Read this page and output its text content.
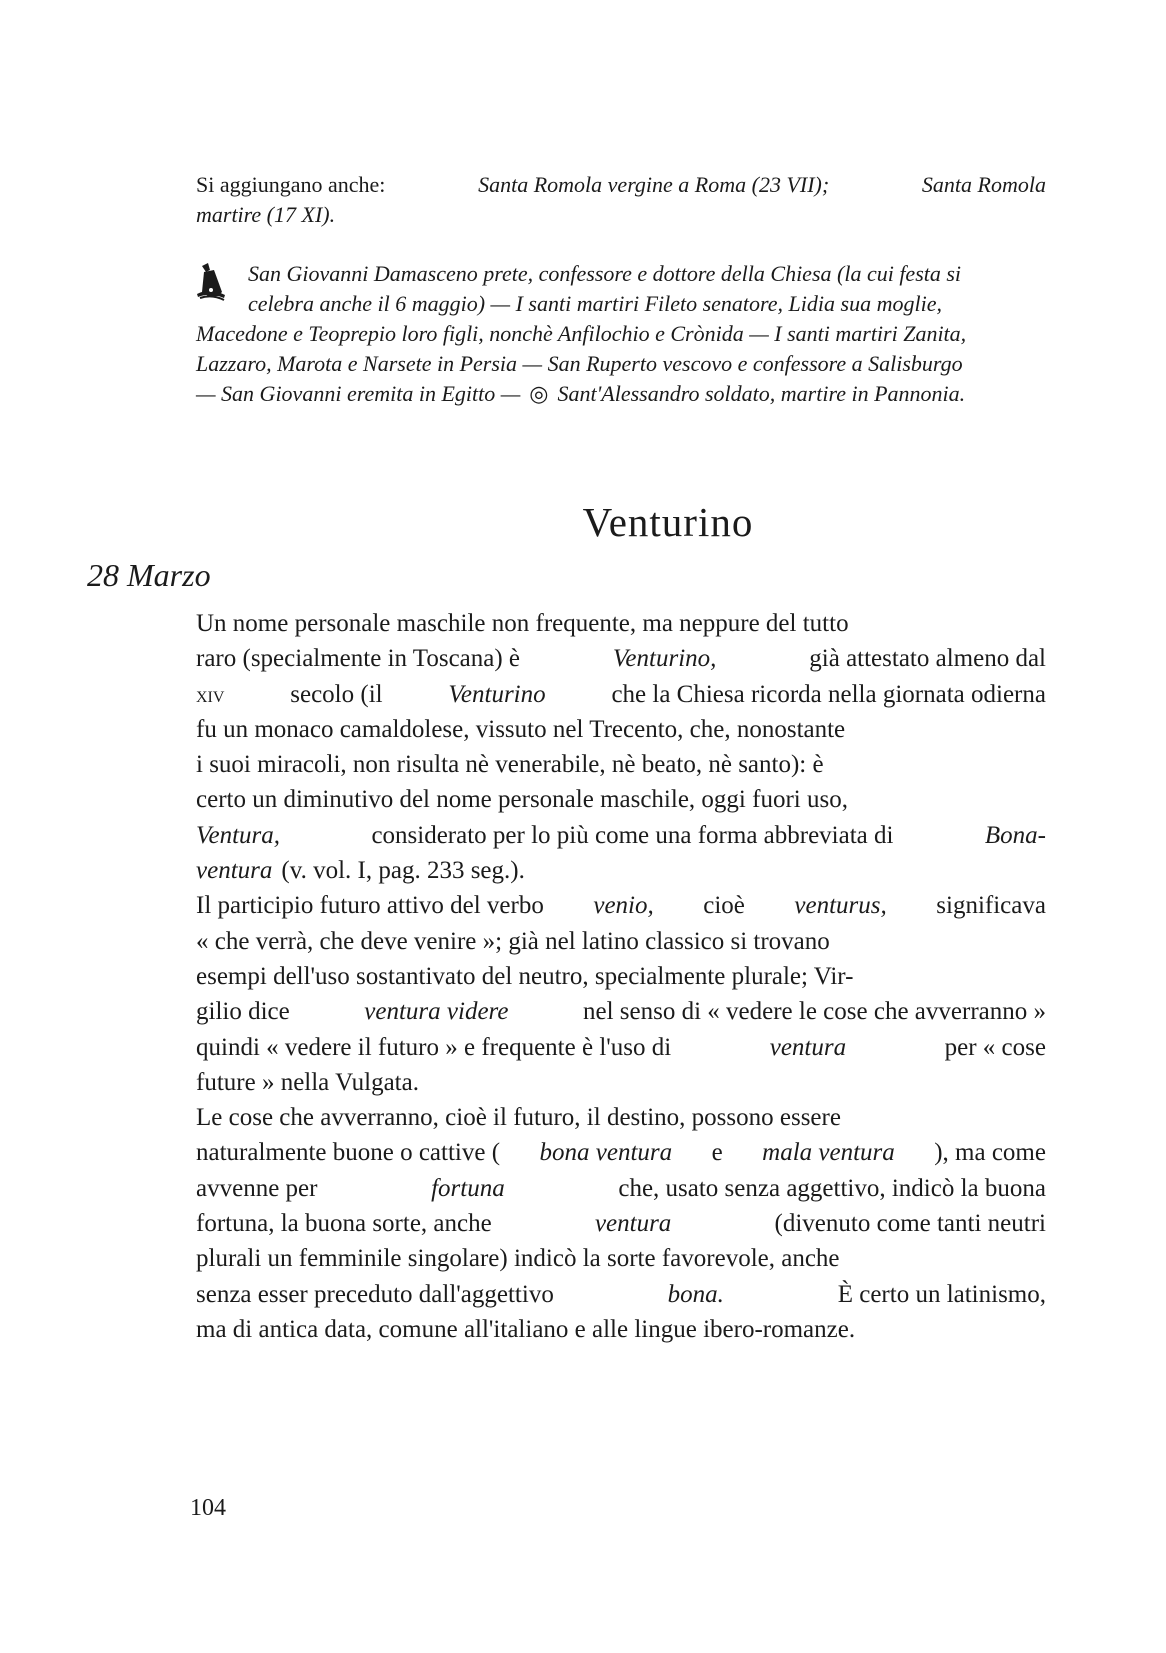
Si aggiungano anche:	Santa Romola vergine a Roma (23 VII);	Santa Romola
martire (17 XI).
San Giovanni Damasceno prete, confessore e dottore della Chiesa (la cui festa si
celebra anche il 6 maggio) — I santi martiri Fileto senatore, Lidia sua moglie,
Macedone e Teoprepio loro figli, nonchè Anfilochio e Crònida — I santi martiri Zanita,
Lazzaro, Marota e Narsete in Persia — San Ruperto vescovo e confessore a Salisburgo
— San Giovanni eremita in Egitto — ◎ Sant'Alessandro soldato, martire in Pannonia.
Venturino
28 Marzo
Un nome personale maschile non frequente, ma neppure del tutto
raro (specialmente in Toscana) è	Venturino,	già attestato almeno dal
xiv	secolo (il	Venturino	che la Chiesa ricorda nella giornata odierna
fu un monaco camaldolese, vissuto nel Trecento, che, nonostante
i suoi miracoli, non risulta nè venerabile, nè beato, nè santo): è
certo un diminutivo del nome personale maschile, oggi fuori uso,
Ventura,	considerato per lo più come una forma abbreviata di	Bona-
ventura (v. vol. I, pag. 233 seg.).
Il participio futuro attivo del verbo venio, cioè venturus, significava
« che verrà, che deve venire »; già nel latino classico si trovano
esempi dell'uso sostantivato del neutro, specialmente plurale; Vir-
gilio dice	ventura videre	nel senso di « vedere le cose che avverranno »
quindi « vedere il futuro » e frequente è l'uso di	ventura	per « cose
future » nella Vulgata.
Le cose che avverranno, cioè il futuro, il destino, possono essere
naturalmente buone o cattive ( bona ventura e mala ventura ), ma come
avvenne per	fortuna	che, usato senza aggettivo, indicò la buona
fortuna, la buona sorte, anche	ventura	(divenuto come tanti neutri
plurali un femminile singolare) indicò la sorte favorevole, anche
senza esser preceduto dall'aggettivo	bona.	È certo un latinismo,
ma di antica data, comune all'italiano e alle lingue ibero-romanze.

104
